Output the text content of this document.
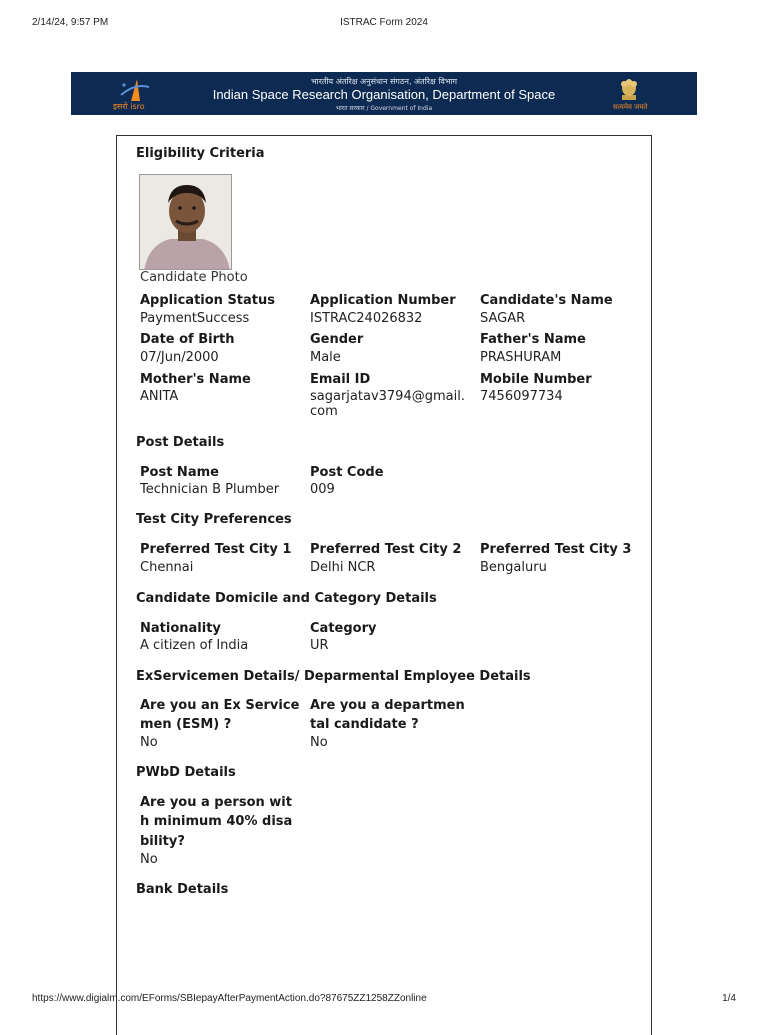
ISTRAC Form 2024
2/14/24, 9:57 PM
इसरो isro
भारतीय अंतरिक्ष अनुसंधान संगठन, अंतरिक्ष विभाग
Indian Space Research Organisation, Department of Space
भारत सरकार / Government of India	सत्यमेव जयते
Eligibility Criteria
Candidate Photo
Application Status
PaymentSuccess
Application Number
ISTRAC24026832
Candidate's Name
SAGAR
Date of Birth
07/Jun/2000
Gender
Male
Father's Name
PRASHURAM
Mother's Name
ANITA
Email ID
sagarjatav3794@gmail.
com
Mobile Number
7456097734
Post Details
Post Name
Technician B Plumber
Post Code
009
Test City Preferences
Preferred Test City 1
Chennai
Preferred Test City 2
Delhi NCR
Preferred Test City 3
Bengaluru
Candidate Domicile and Category Details
Nationality
A citizen of India
Category
UR
ExServicemen Details/ Deparmental Employee Details
Are you an Ex Service
men (ESM) ?
No
Are you a departmen
tal candidate ?
No
PWbD Details
Are you a person wit
h minimum 40% disa
bility?
No
Bank Details
https://www.digialm.com/EForms/SBIepayAfterPaymentAction.do?87675ZZ1258ZZonline	1/4
